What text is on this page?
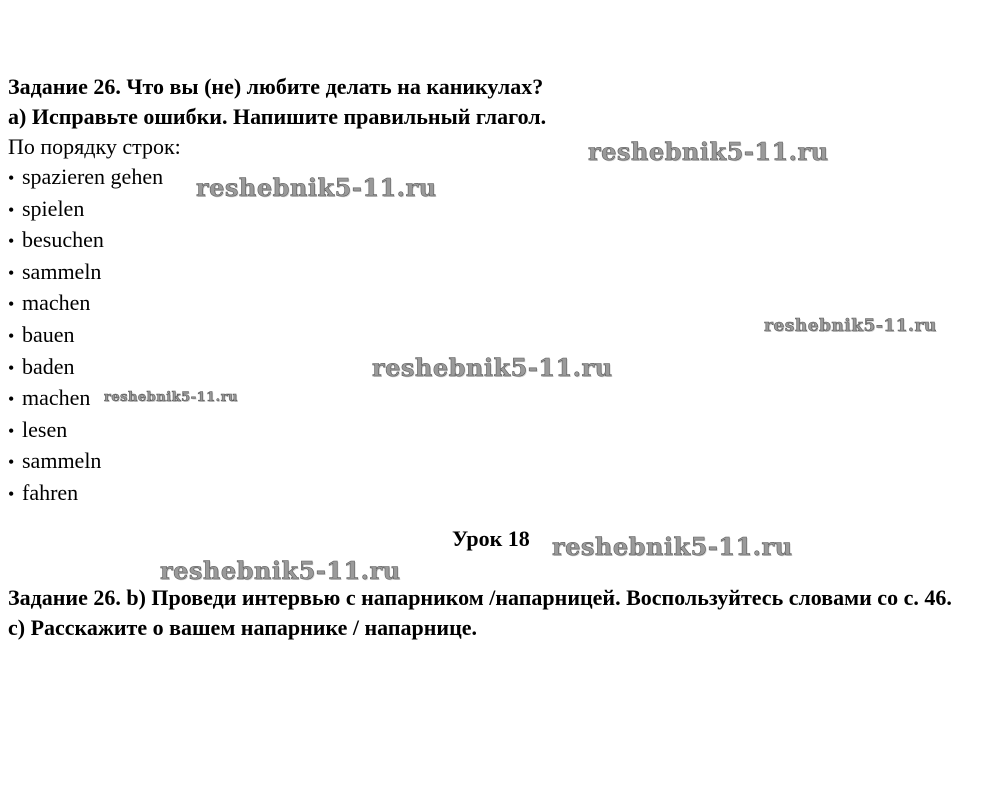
Задание 26. Что вы (не) любите делать на каникулах?
а) Исправьте ошибки. Напишите правильный глагол.
По порядку строк:
• spazieren gehen
• spielen
• besuchen
• sammeln
• machen
• bauen
• baden
• machen
• lesen
• sammeln
• fahren
Урок 18

Задание 26. b) Проведи интервью с напарником /напарницей. Воспользуйтесь словами со с. 46.

с) Расскажите о вашем напарнике / напарнице.

reshebnik5-11.ru
reshebnik5-11.ru
reshebnik5-11.ru
reshebnik5-11.ru
reshebnik5-11.ru
reshebnik5-11.ru
reshebnik5-11.ru
